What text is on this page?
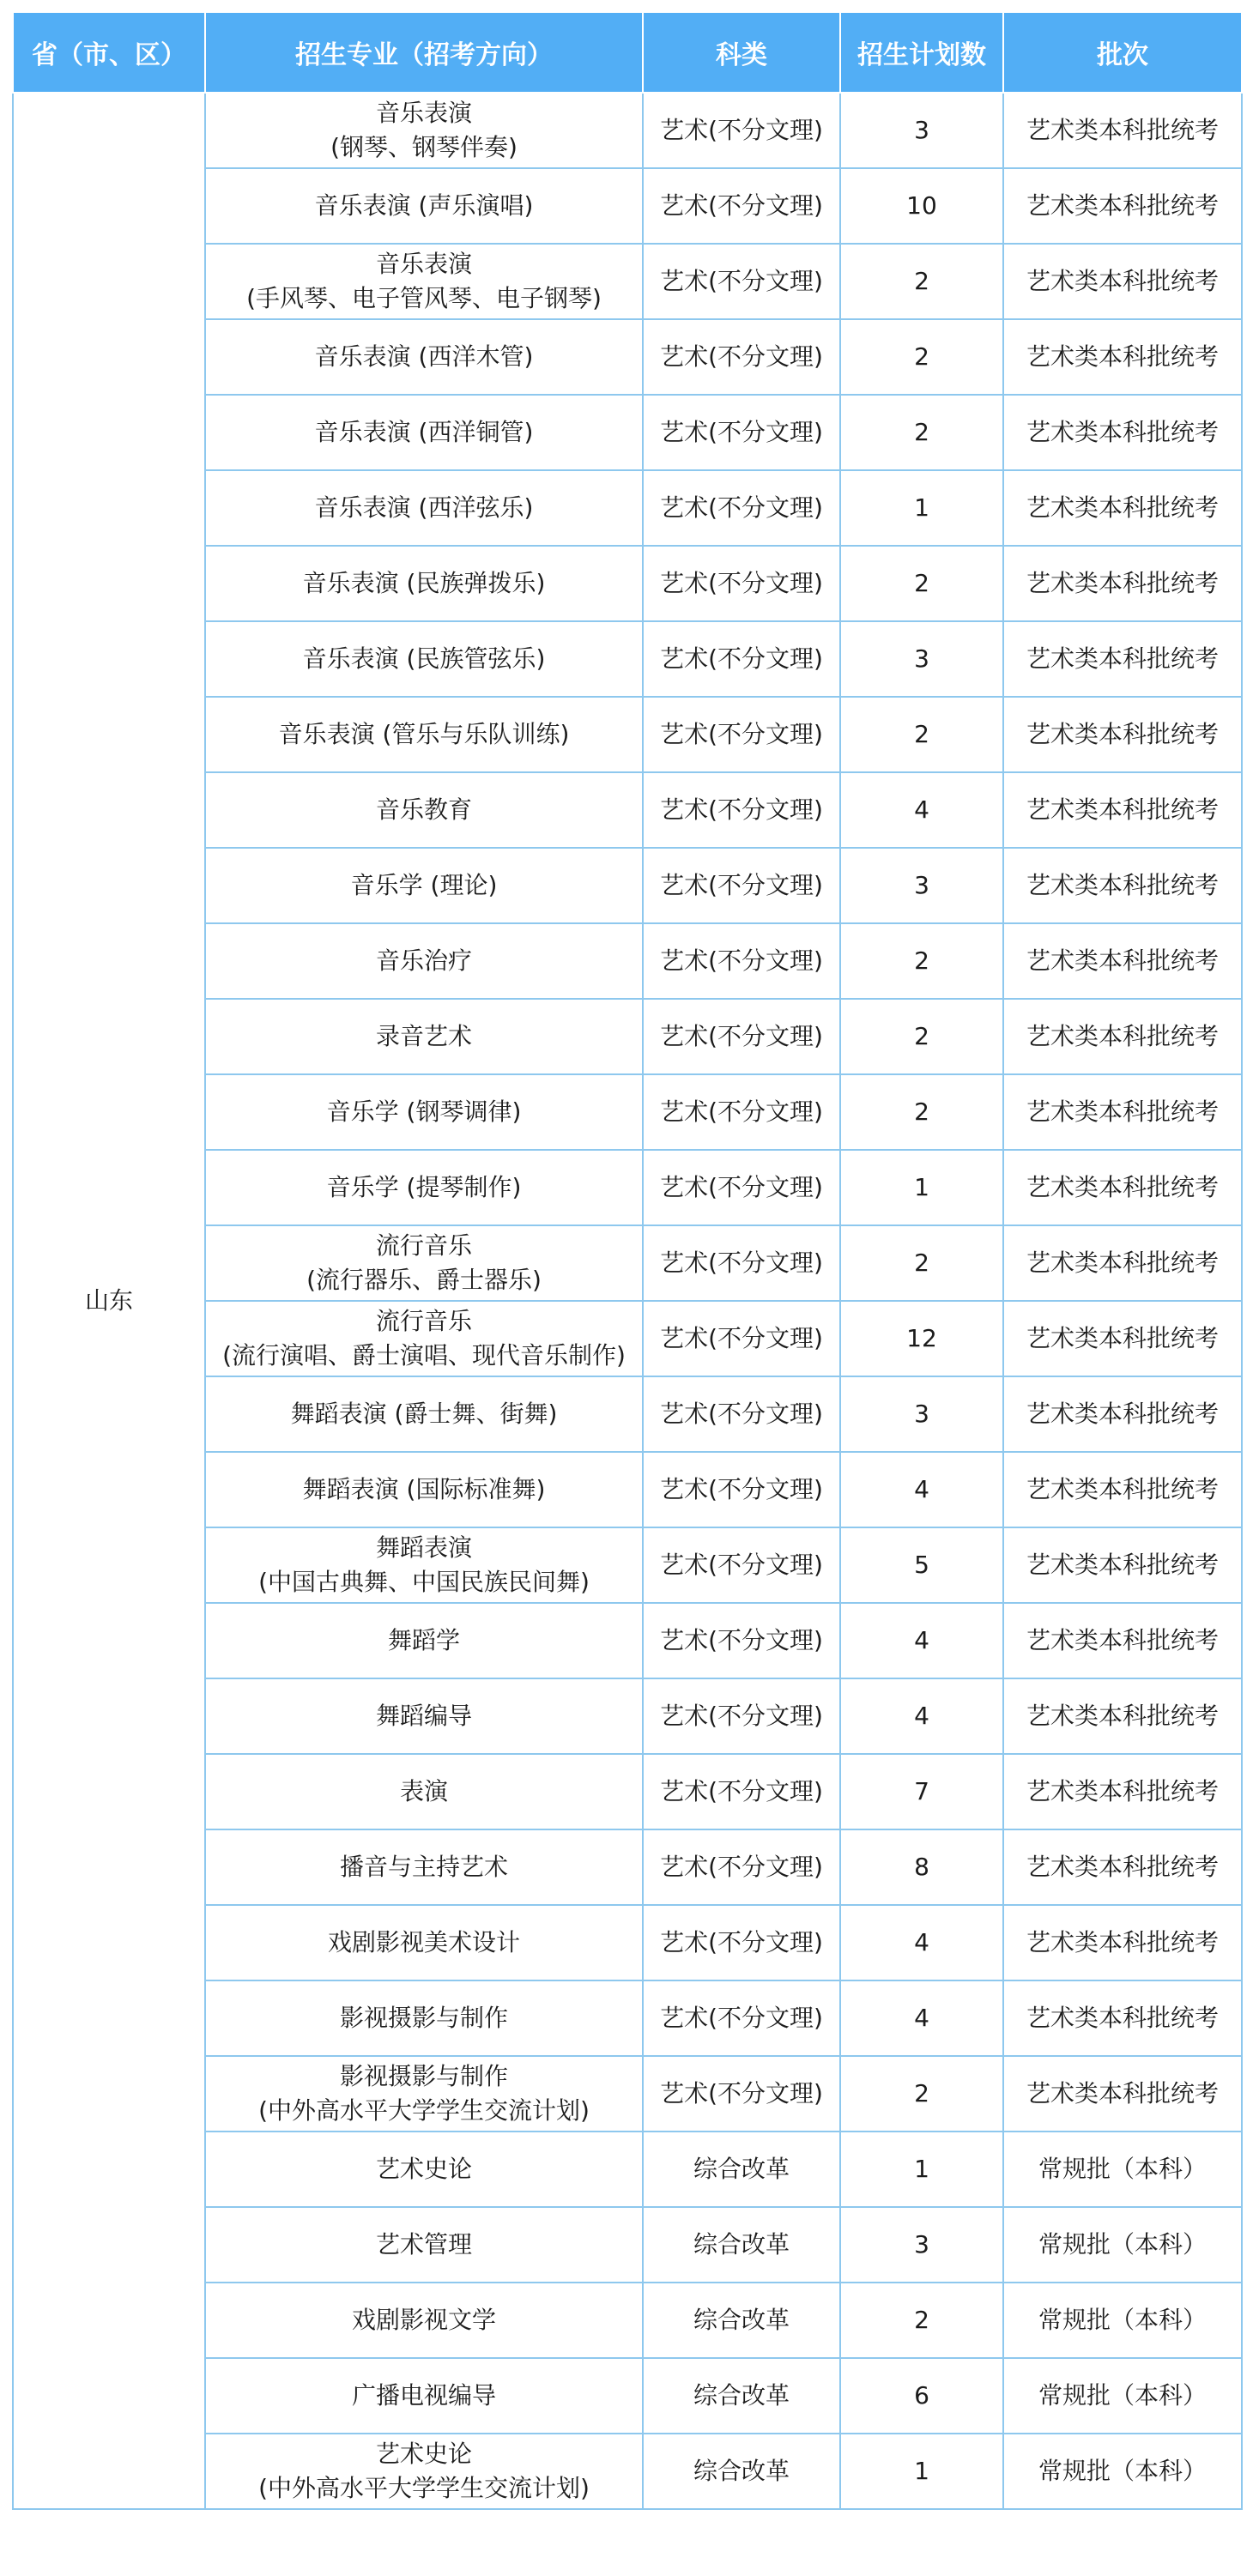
省（市、区）	招生专业（招考方向）	科类	招生计划数	批次
山东	音乐表演
(钢琴、钢琴伴奏)	艺术(不分文理)	3	艺术类本科批统考

	音乐表演 (声乐演唱)	艺术(不分文理)	10	艺术类本科批统考

	音乐表演
(手风琴、电子管风琴、电子钢琴)	艺术(不分文理)	2	艺术类本科批统考

	音乐表演 (西洋木管)	艺术(不分文理)	2	艺术类本科批统考

	音乐表演 (西洋铜管)	艺术(不分文理)	2	艺术类本科批统考

	音乐表演 (西洋弦乐)	艺术(不分文理)	1	艺术类本科批统考

	音乐表演 (民族弹拨乐)	艺术(不分文理)	2	艺术类本科批统考

	音乐表演 (民族管弦乐)	艺术(不分文理)	3	艺术类本科批统考

	音乐表演 (管乐与乐队训练)	艺术(不分文理)	2	艺术类本科批统考

	音乐教育	艺术(不分文理)	4	艺术类本科批统考

	音乐学 (理论)	艺术(不分文理)	3	艺术类本科批统考

	音乐治疗	艺术(不分文理)	2	艺术类本科批统考

	录音艺术	艺术(不分文理)	2	艺术类本科批统考

	音乐学 (钢琴调律)	艺术(不分文理)	2	艺术类本科批统考

	音乐学 (提琴制作)	艺术(不分文理)	1	艺术类本科批统考

	流行音乐
(流行器乐、爵士器乐)	艺术(不分文理)	2	艺术类本科批统考

	流行音乐
(流行演唱、爵士演唱、现代音乐制作)	艺术(不分文理)	12	艺术类本科批统考

	舞蹈表演 (爵士舞、街舞)	艺术(不分文理)	3	艺术类本科批统考

	舞蹈表演 (国际标准舞)	艺术(不分文理)	4	艺术类本科批统考

	舞蹈表演
(中国古典舞、中国民族民间舞)	艺术(不分文理)	5	艺术类本科批统考

	舞蹈学	艺术(不分文理)	4	艺术类本科批统考

	舞蹈编导	艺术(不分文理)	4	艺术类本科批统考

	表演	艺术(不分文理)	7	艺术类本科批统考

	播音与主持艺术	艺术(不分文理)	8	艺术类本科批统考

	戏剧影视美术设计	艺术(不分文理)	4	艺术类本科批统考

	影视摄影与制作	艺术(不分文理)	4	艺术类本科批统考

	影视摄影与制作
(中外高水平大学学生交流计划)	艺术(不分文理)	2	艺术类本科批统考

	艺术史论	综合改革	1	常规批（本科）

	艺术管理	综合改革	3	常规批（本科）

	戏剧影视文学	综合改革	2	常规批（本科）

	广播电视编导	综合改革	6	常规批（本科）

	艺术史论
(中外高水平大学学生交流计划)	综合改革	1	常规批（本科）
